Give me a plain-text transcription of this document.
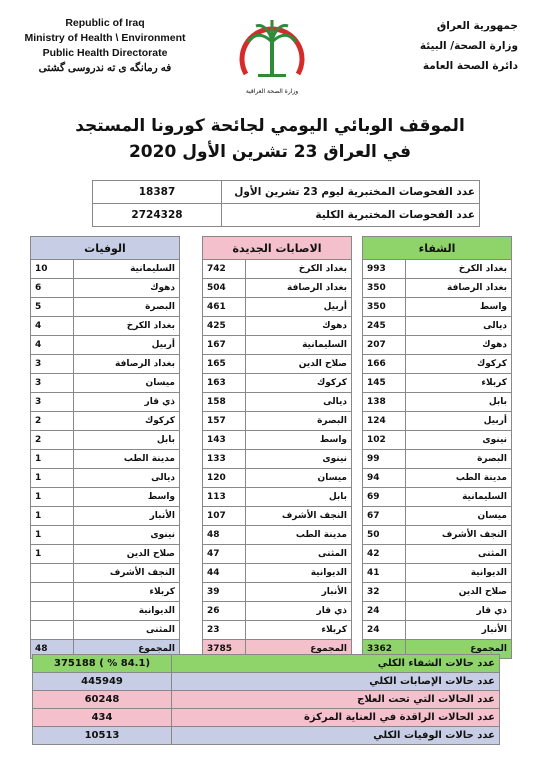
Republic of Iraq
Ministry of Health \ Environment
Public Health Directorate
فه رمانگه ى ته ندروسى گشتى
وزارة الصحة العراقية
جمهورية العراق
وزارة الصحة/ البيئة
دائرة الصحة العامة
الموقف الوبائي اليومي لجائحة كورونا المستجد
في العراق 23 تشرين الأول 2020
18387	عدد الفحوصات المختبرية ليوم 23 تشرين الأول
2724328	عدد الفحوصات المختبرية الكلية
الوفيات	
10	السليمانية
6	دهوك
5	البصرة
4	بغداد الكرخ
4	أربيل
3	بغداد الرصافة
3	ميسان
3	ذي قار
2	كركوك
2	بابل
1	مدينة الطب
1	ديالى
1	واسط
1	الأنبار
1	نينوى
1	صلاح الدين
	النجف الأشرف
	كربلاء
	الديوانية
	المثنى
48	المجموع
الاصابات الجديدة	
742	بغداد الكرخ
504	بغداد الرصافة
461	أربيل
425	دهوك
167	السليمانية
165	صلاح الدين
163	كركوك
158	ديالى
157	البصرة
143	واسط
133	نينوى
120	ميسان
113	بابل
107	النجف الأشرف
48	مدينة الطب
47	المثنى
44	الديوانية
39	الأنبار
26	ذي قار
23	كربلاء
3785	المجموع
الشفاء	
993	بغداد الكرخ
350	بغداد الرصافة
350	واسط
245	ديالى
207	دهوك
166	كركوك
145	كربلاء
138	بابل
124	أربيل
102	نينوى
99	البصرة
94	مدينة الطب
69	السليمانية
67	ميسان
50	النجف الأشرف
42	المثنى
41	الديوانية
32	صلاح الدين
24	ذي قار
24	الأنبار
3362	المجموع
375188 ( % 84.1)	عدد حالات الشفاء الكلي
445949	عدد حالات الإصابات الكلي
60248	عدد الحالات التي تحت العلاج
434	عدد الحالات الراقدة في العناية المركزة
10513	عدد حالات الوفيات الكلي
